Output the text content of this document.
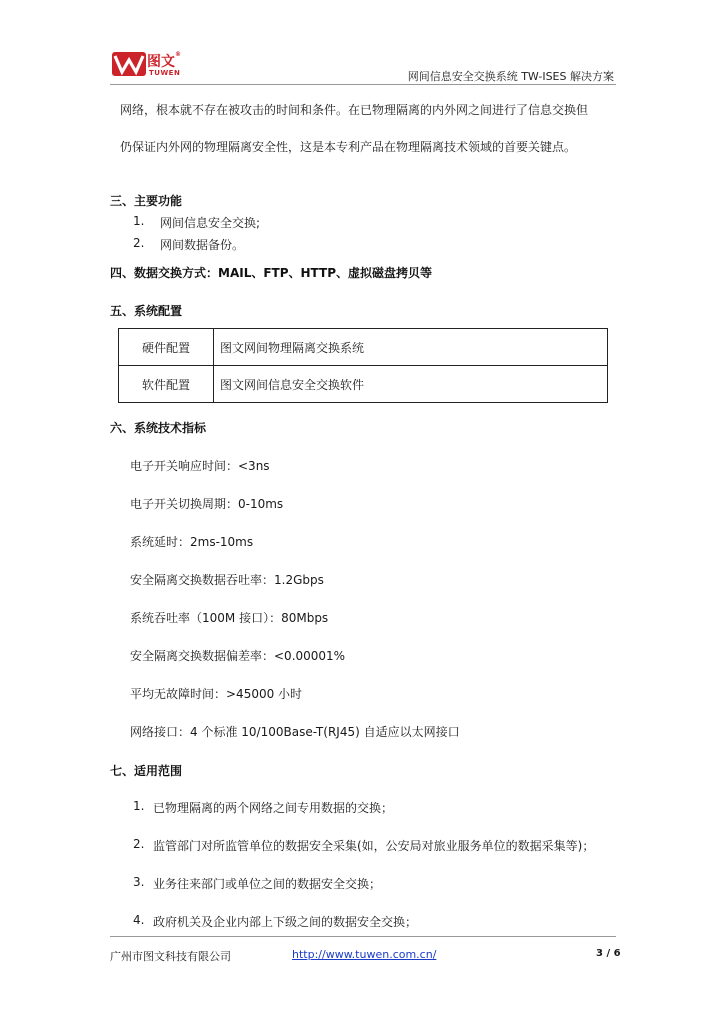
图文®
TUWEN	网间信息安全交换系统 TW-ISES 解决方案
网络，根本就不存在被攻击的时间和条件。在已物理隔离的内外网之间进行了信息交换但
仍保证内外网的物理隔离安全性，这是本专利产品在物理隔离技术领域的首要关键点。
三、主要功能
1. 网间信息安全交换;
2. 网间数据备份。
四、数据交换方式：MAIL、FTP、HTTP、虚拟磁盘拷贝等
五、系统配置
硬件配置	图文网间物理隔离交换系统
软件配置	图文网间信息安全交换软件
六、系统技术指标
电子开关响应时间：<3ns
电子开关切换周期：0-10ms
系统延时：2ms-10ms
安全隔离交换数据吞吐率：1.2Gbps
系统吞吐率（100M 接口）：80Mbps
安全隔离交换数据偏差率：<0.00001%
平均无故障时间：>45000 小时
网络接口：4 个标准 10/100Base-T(RJ45) 自适应以太网接口
七、适用范围
1. 已物理隔离的两个网络之间专用数据的交换；
2. 监管部门对所监管单位的数据安全采集(如，公安局对旅业服务单位的数据采集等)；
3. 业务往来部门或单位之间的数据安全交换；
4. 政府机关及企业内部上下级之间的数据安全交换；
广州市图文科技有限公司	http://www.tuwen.com.cn/	3 / 6
